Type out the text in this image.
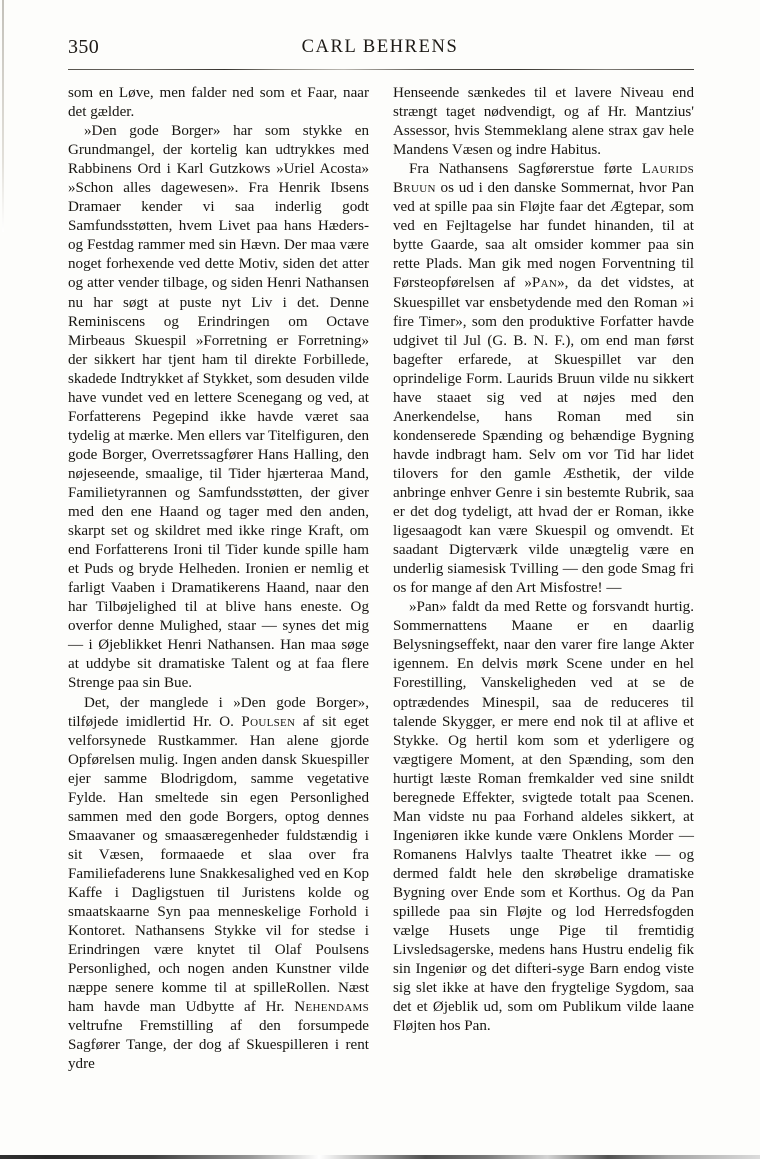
350	CARL BEHRENS

som en Løve, men falder ned som et Faar, naar det gælder.

»Den gode Borger» har som stykke en Grundmangel, der kortelig kan udtrykkes med Rabbinens Ord i Karl Gutzkows »Uriel Acosta» »Schon alles dagewesen». Fra Henrik Ibsens Dramaer kender vi saa inderlig godt Samfundsstøtten, hvem Livet paa hans Hæders- og Festdag rammer med sin Hævn. Der maa være noget forhexende ved dette Motiv, siden det atter og atter vender tilbage, og siden Henri Nathansen nu har søgt at puste nyt Liv i det. Denne Reminiscens og Erindringen om Octave Mirbeaus Skuespil »Forretning er Forretning» der sikkert har tjent ham til direkte Forbillede, skadede Indtrykket af Stykket, som desuden vilde have vundet ved en lettere Scenegang og ved, at Forfatterens Pegepind ikke havde været saa tydelig at mærke. Men ellers var Titelfiguren, den gode Borger, Overretssagfører Hans Halling, den nøjeseende, smaalige, til Tider hjærteraa Mand, Familietyrannen og Samfundsstøtten, der giver med den ene Haand og tager med den anden, skarpt set og skildret med ikke ringe Kraft, om end Forfatterens Ironi til Tider kunde spille ham et Puds og bryde Helheden. Ironien er nemlig et farligt Vaaben i Dramatikerens Haand, naar den har Tilbøjelighed til at blive hans eneste. Og overfor denne Mulighed, staar — synes det mig — i Øjeblikket Henri Nathansen. Han maa søge at uddybe sit dramatiske Talent og at faa flere Strenge paa sin Bue.

Det, der manglede i »Den gode Borger», tilføjede imidlertid Hr. O. Poulsen af sit eget velforsynede Rustkammer. Han alene gjorde Opførelsen mulig. Ingen anden dansk Skuespiller ejer samme Blodrigdom, samme vegetative Fylde. Han smeltede sin egen Personlighed sammen med den gode Borgers, optog dennes Smaavaner og smaasæregenheder fuldstændig i sit Væsen, formaaede et slaa over fra Familiefaderens lune Snakkesalighed ved en Kop Kaffe i Dagligstuen til Juristens kolde og smaatskaarne Syn paa menneskelige Forhold i Kontoret. Nathansens Stykke vil for stedse i Erindringen være knytet til Olaf Poulsens Personlighed, och nogen anden Kunstner vilde næppe senere komme til at spilleRollen. Næst ham havde man Udbytte af Hr. Nehendams veltrufne Fremstilling af den forsumpede Sagfører Tange, der dog af Skuespilleren i rent ydre

Henseende sænkedes til et lavere Niveau end strængt taget nødvendigt, og af Hr. Mantzius' Assessor, hvis Stemmeklang alene strax gav hele Mandens Væsen og indre Habitus.

Fra Nathansens Sagførerstue førte Laurids Bruun os ud i den danske Sommernat, hvor Pan ved at spille paa sin Fløjte faar det Ægtepar, som ved en Fejltagelse har fundet hinanden, til at bytte Gaarde, saa alt omsider kommer paa sin rette Plads. Man gik med nogen Forventning til Førsteopførelsen af »Pan», da det vidstes, at Skuespillet var ensbetydende med den Roman »i fire Timer», som den produktive Forfatter havde udgivet til Jul (G. B. N. F.), om end man først bagefter erfarede, at Skuespillet var den oprindelige Form. Laurids Bruun vilde nu sikkert have staaet sig ved at nøjes med den Anerkendelse, hans Roman med sin kondenserede Spænding og behændige Bygning havde indbragt ham. Selv om vor Tid har lidet tilovers for den gamle Æsthetik, der vilde anbringe enhver Genre i sin bestemte Rubrik, saa er det dog tydeligt, att hvad der er Roman, ikke ligesaagodt kan være Skuespil og omvendt. Et saadant Digterværk vilde unægtelig være en underlig siamesisk Tvilling — den gode Smag fri os for mange af den Art Misfostre! —

»Pan» faldt da med Rette og forsvandt hurtig. Sommernattens Maane er en daarlig Belysningseffekt, naar den varer fire lange Akter igennem. En delvis mørk Scene under en hel Forestilling, Vanskeligheden ved at se de optrædendes Minespil, saa de reduceres til talende Skygger, er mere end nok til at aflive et Stykke. Og hertil kom som et yderligere og vægtigere Moment, at den Spænding, som den hurtigt læste Roman fremkalder ved sine snildt beregnede Effekter, svigtede totalt paa Scenen. Man vidste nu paa Forhand aldeles sikkert, at Ingeniøren ikke kunde være Onklens Morder — Romanens Halvlys taalte Theatret ikke — og dermed faldt hele den skrøbelige dramatiske Bygning over Ende som et Korthus. Og da Pan spillede paa sin Fløjte og lod Herredsfogden vælge Husets unge Pige til fremtidig Livsledsagerske, medens hans Hustru endelig fik sin Ingeniør og det difteri-syge Barn endog viste sig slet ikke at have den frygtelige Sygdom, saa det et Øjeblik ud, som om Publikum vilde laane Fløjten hos Pan.
